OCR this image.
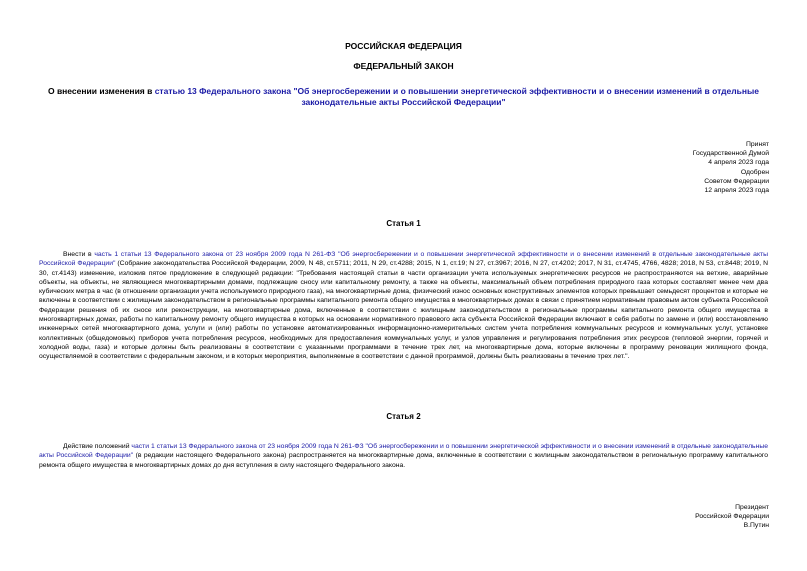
РОССИЙСКАЯ ФЕДЕРАЦИЯ
ФЕДЕРАЛЬНЫЙ ЗАКОН
О внесении изменения в статью 13 Федерального закона "Об энергосбережении и о повышении энергетической эффективности и о внесении изменений в отдельные законодательные акты Российской Федерации"
Принят
Государственной Думой
4 апреля 2023 года
Одобрен
Советом Федерации
12 апреля 2023 года
Статья 1
Внести в часть 1 статьи 13 Федерального закона от 23 ноября 2009 года N 261-ФЗ "Об энергосбережении и о повышении энергетической эффективности и о внесении изменений в отдельные законодательные акты Российской Федерации" (Собрание законодательства Российской Федерации, 2009, N 48, ст.5711; 2011, N 29, ст.4288; 2015, N 1, ст.19; N 27, ст.3967; 2016, N 27, ст.4202; 2017, N 31, ст.4745, 4766, 4828; 2018, N 53, ст.8448; 2019, N 30, ст.4143) изменение, изложив пятое предложение в следующей редакции: "Требования настоящей статьи в части организации учета используемых энергетических ресурсов не распространяются на ветхие, аварийные объекты, на объекты, не являющиеся многоквартирными домами, подлежащие сносу или капитальному ремонту, а также на объекты, максимальный объем потребления природного газа которых составляет менее чем два кубических метра в час (в отношении организации учета используемого природного газа), на многоквартирные дома, физический износ основных конструктивных элементов которых превышает семьдесят процентов и которые не включены в соответствии с жилищным законодательством в региональные программы капитального ремонта общего имущества в многоквартирных домах в связи с принятием нормативным правовым актом субъекта Российской Федерации решения об их сносе или реконструкции, на многоквартирные дома, включенные в соответствии с жилищным законодательством в региональные программы капитального ремонта общего имущества в многоквартирных домах, работы по капитальному ремонту общего имущества в которых на основании нормативного правового акта субъекта Российской Федерации включают в себя работы по замене и (или) восстановлению инженерных сетей многоквартирного дома, услуги и (или) работы по установке автоматизированных информационно-измерительных систем учета потребления коммунальных ресурсов и коммунальных услуг, установке коллективных (общедомовых) приборов учета потребления ресурсов, необходимых для предоставления коммунальных услуг, и узлов управления и регулирования потребления этих ресурсов (тепловой энергии, горячей и холодной воды, газа) и которые должны быть реализованы в соответствии с указанными программами в течение трех лет, на многоквартирные дома, которые включены в программу реновации жилищного фонда, осуществляемой в соответствии с федеральным законом, и в которых мероприятия, выполняемые в соответствии с данной программой, должны быть реализованы в течение трех лет.".
Статья 2
Действие положений части 1 статьи 13 Федерального закона от 23 ноября 2009 года N 261-ФЗ "Об энергосбережении и о повышении энергетической эффективности и о внесении изменений в отдельные законодательные акты Российской Федерации" (в редакции настоящего Федерального закона) распространяется на многоквартирные дома, включенные в соответствии с жилищным законодательством в региональную программу капитального ремонта общего имущества в многоквартирных домах до дня вступления в силу настоящего Федерального закона.
Президент
Российской Федерации
В.Путин
